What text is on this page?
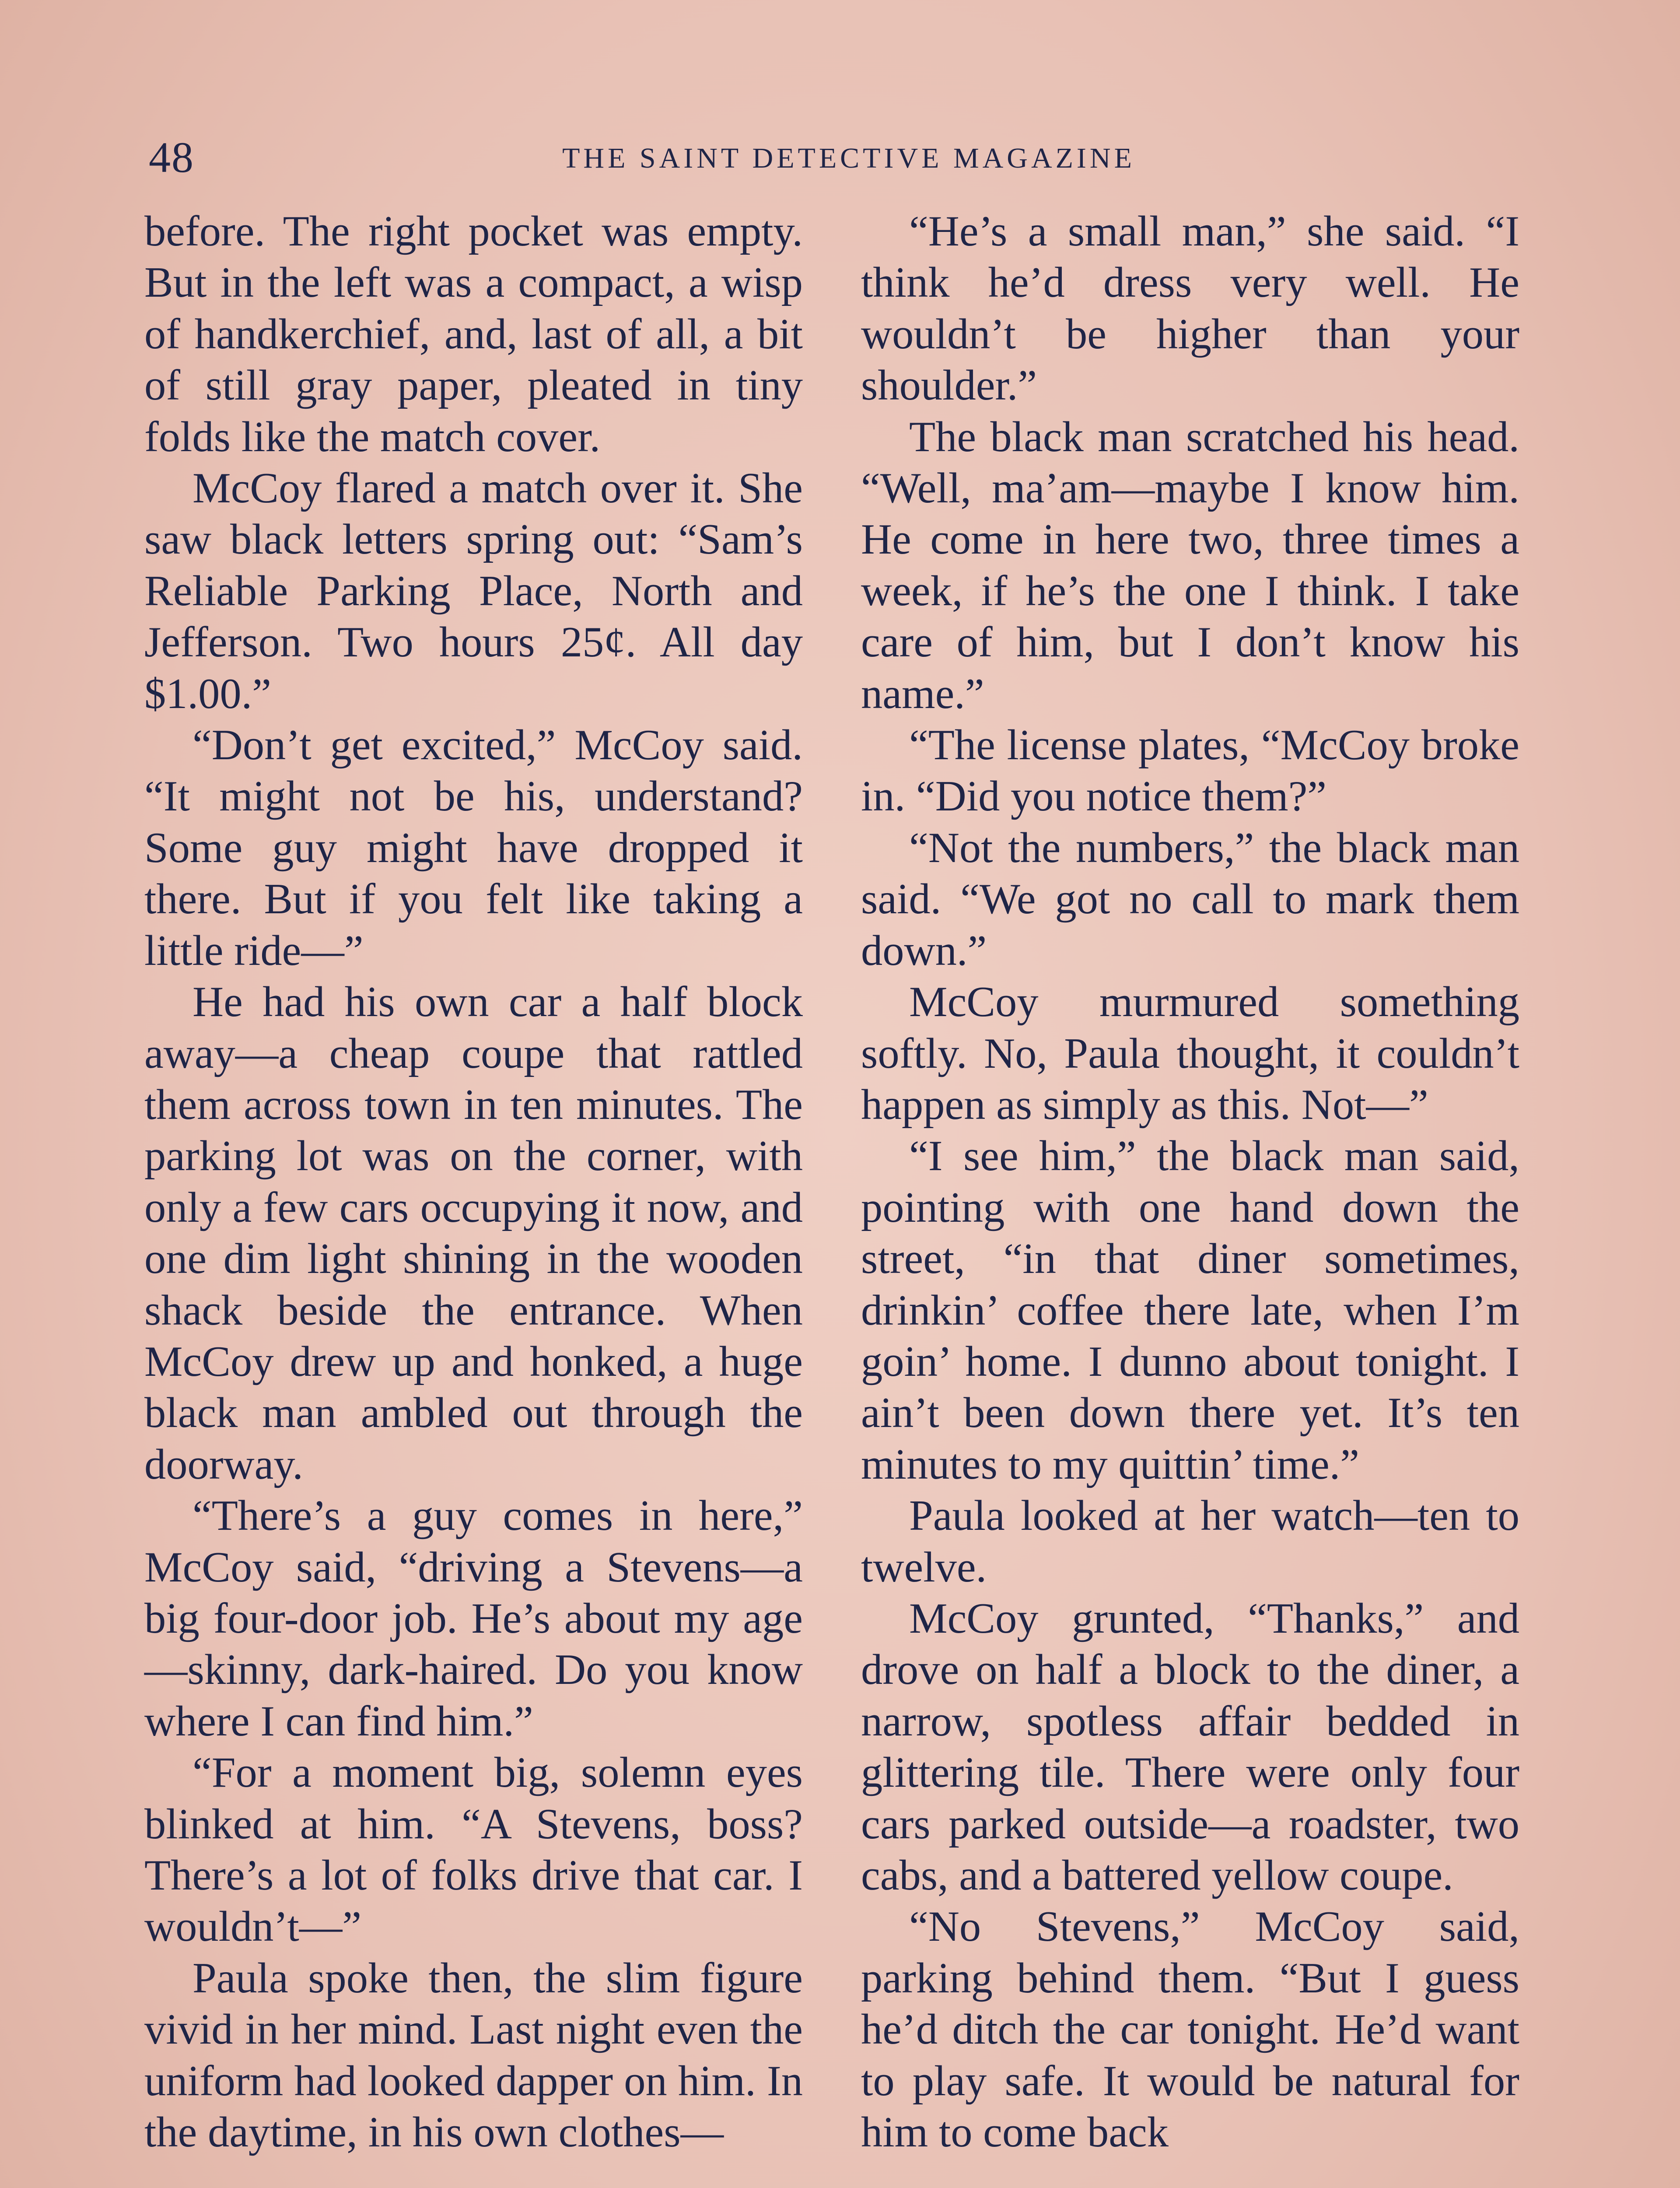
48	THE SAINT DETECTIVE MAGAZINE

before. The right pocket was empty. But in the left was a compact, a wisp of handkerchief, and, last of all, a bit of still gray paper, pleated in tiny folds like the match cover.

McCoy flared a match over it. She saw black letters spring out: “Sam’s Reliable Parking Place, North and Jefferson. Two hours 25¢. All day $1.00.”

“Don’t get excited,” McCoy said. “It might not be his, understand? Some guy might have dropped it there. But if you felt like taking a little ride—”

He had his own car a half block away—a cheap coupe that rattled them across town in ten minutes. The parking lot was on the corner, with only a few cars occupying it now, and one dim light shining in the wooden shack beside the entrance. When McCoy drew up and honked, a huge black man ambled out through the doorway.

“There’s a guy comes in here,” McCoy said, “driving a Stevens—a big four-door job. He’s about my age—skinny, dark-haired. Do you know where I can find him.”

“For a moment big, solemn eyes blinked at him. “A Stevens, boss? There’s a lot of folks drive that car. I wouldn’t—”

Paula spoke then, the slim figure vivid in her mind. Last night even the uniform had looked dapper on him. In the daytime, in his own clothes—

“He’s a small man,” she said. “I think he’d dress very well. He wouldn’t be higher than your shoulder.”

The black man scratched his head. “Well, ma’am—maybe I know him. He come in here two, three times a week, if he’s the one I think. I take care of him, but I don’t know his name.”

“The license plates, “McCoy broke in. “Did you notice them?”

“Not the numbers,” the black man said. “We got no call to mark them down.”

McCoy murmured something softly. No, Paula thought, it couldn’t happen as simply as this. Not—”

“I see him,” the black man said, pointing with one hand down the street, “in that diner sometimes, drinkin’ coffee there late, when I’m goin’ home. I dunno about tonight. I ain’t been down there yet. It’s ten minutes to my quittin’ time.”

Paula looked at her watch—ten to twelve.

McCoy grunted, “Thanks,” and drove on half a block to the diner, a narrow, spotless affair bedded in glittering tile. There were only four cars parked outside—a roadster, two cabs, and a battered yellow coupe.

“No Stevens,” McCoy said, parking behind them. “But I guess he’d ditch the car tonight. He’d want to play safe. It would be natural for him to come back
